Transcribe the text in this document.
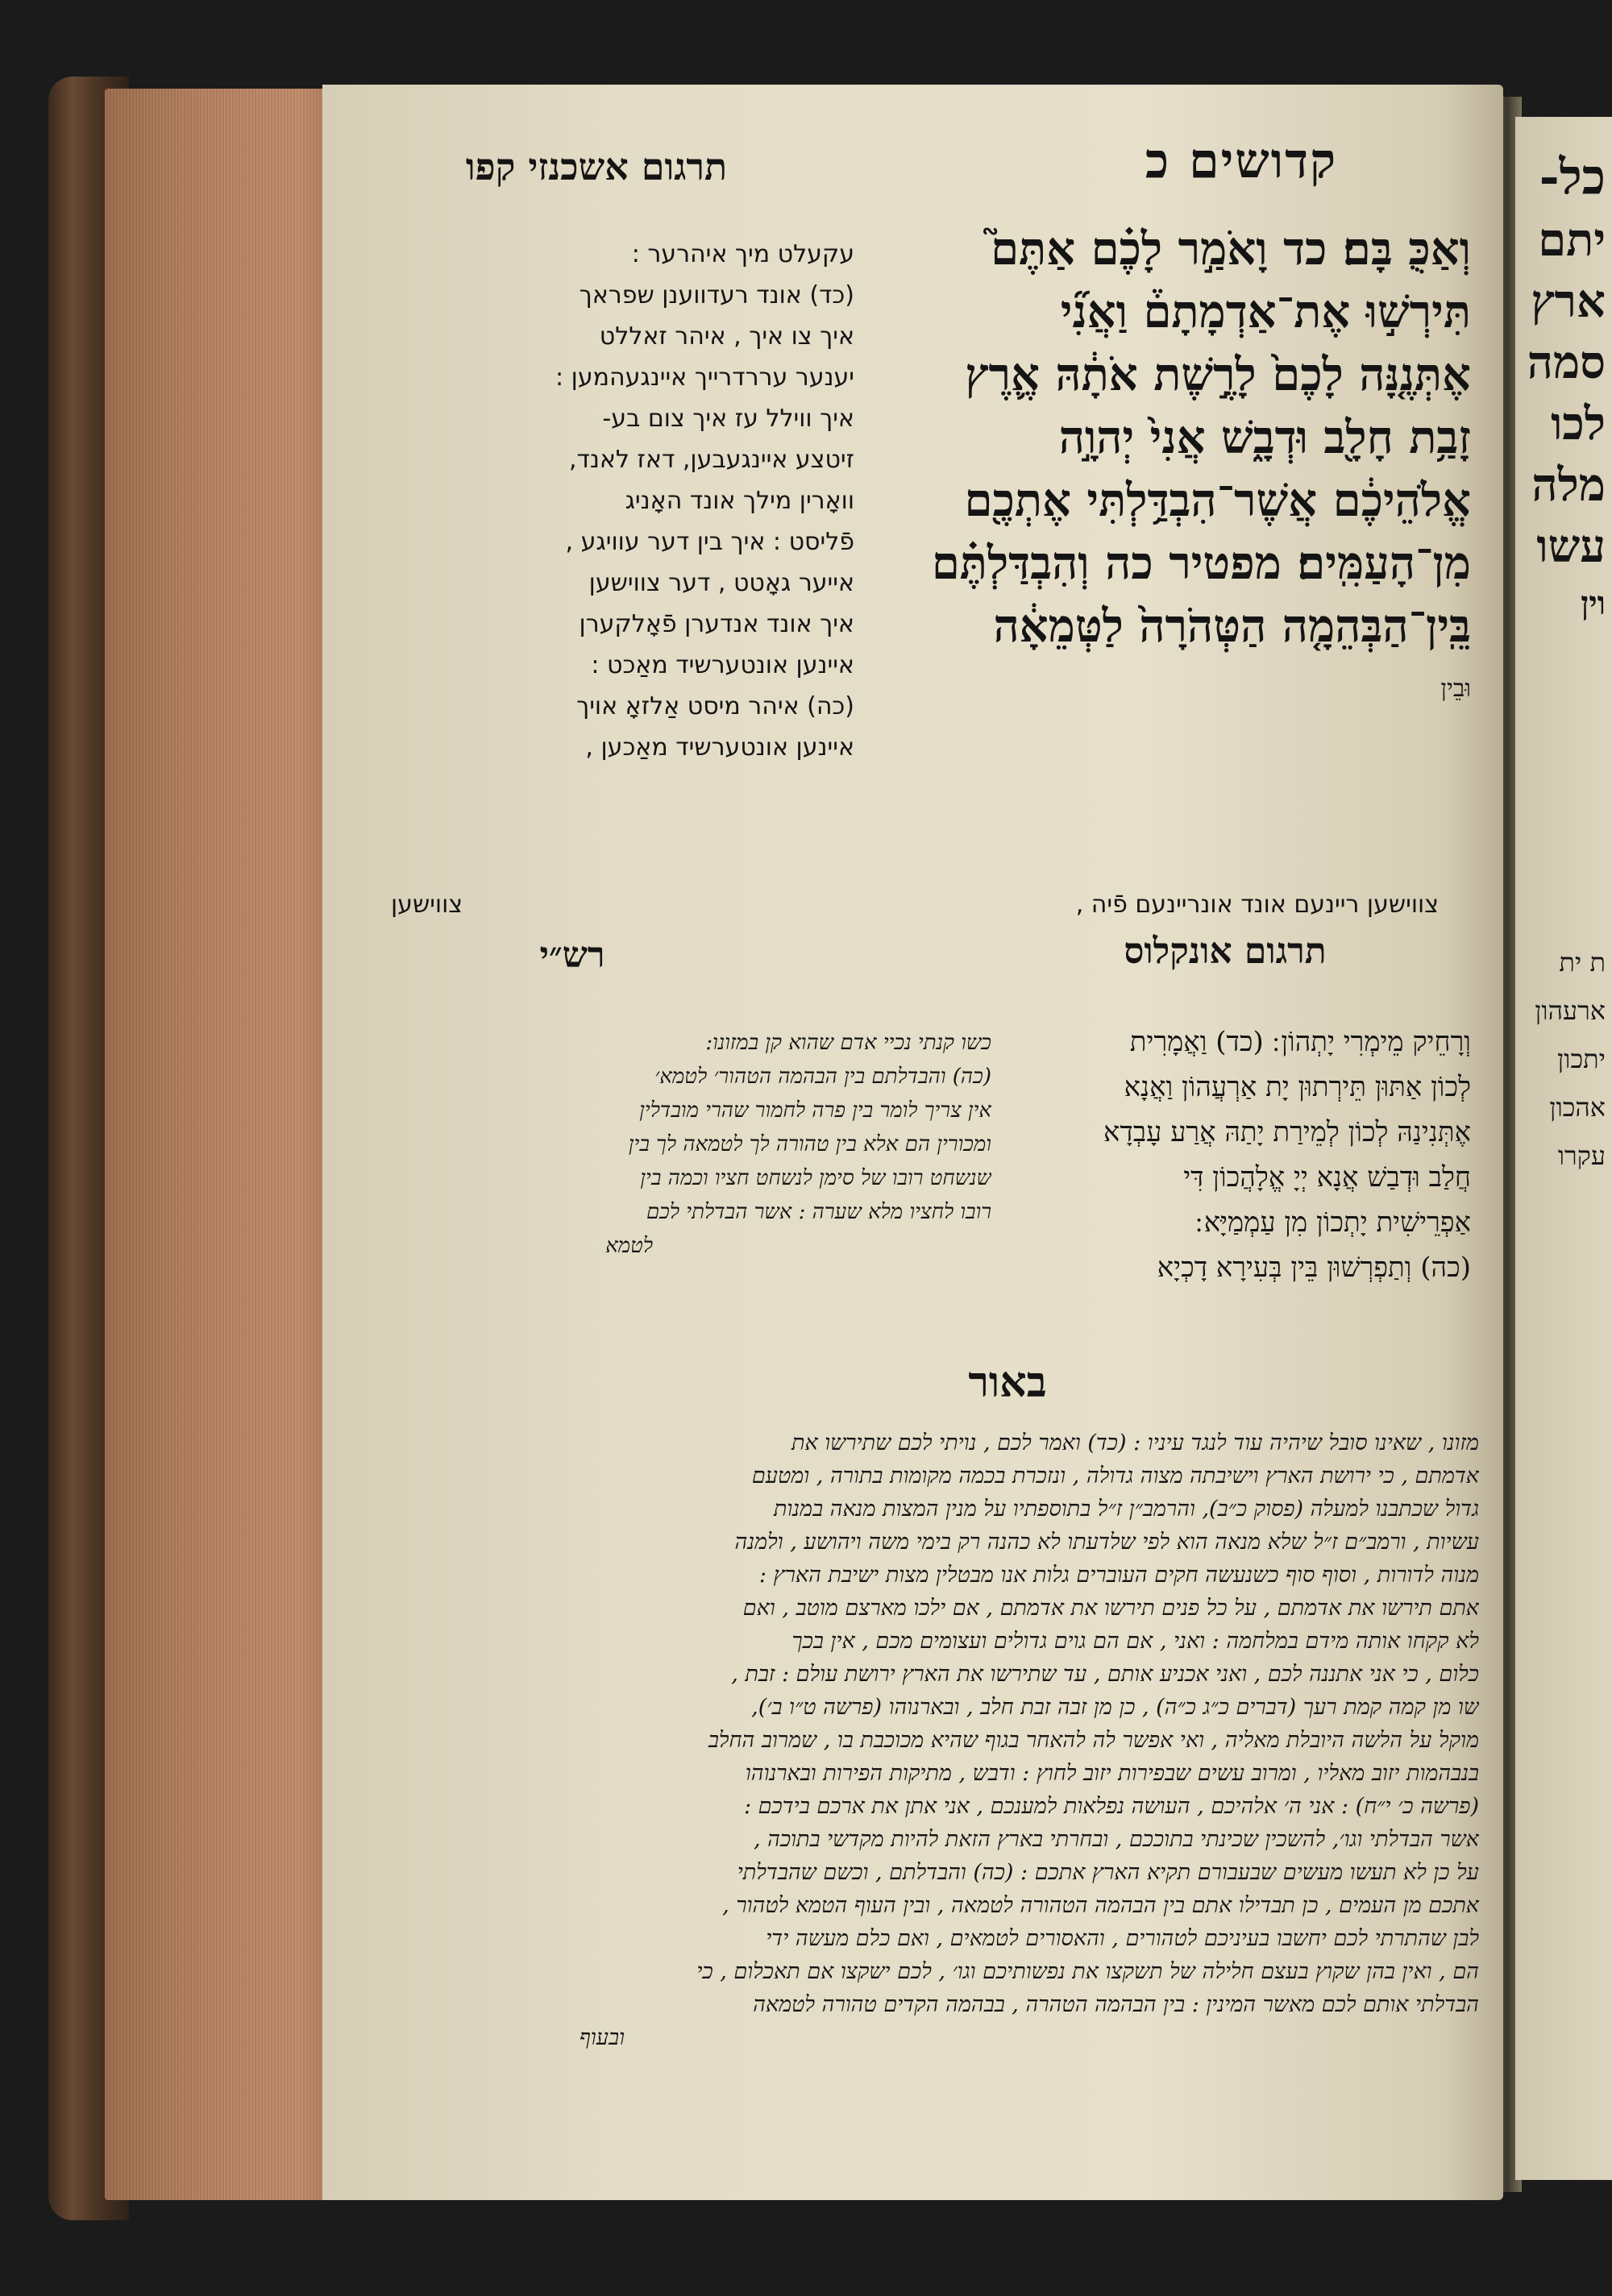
כל-
יתם
ארץ
סמה
לכו
מלה
עשו
וין
ת ית
ארעהון
יתכון
אהכון
עקרו
קדושים כ
תרגום אשכנזי קפו
וְאַכֻּ בָּם׃ כד וָאֹמַ֣ר לָכֶ֗ם אַתֶּם֮
תִּירְשׁ֣וּ אֶת־אַדְמָתָם֒ וַאֲנִ֞י
אֶתְּנֶ֤נָּה לָכֶם֙ לָרֶ֣שֶׁת אֹתָ֔הּ אֶ֛רֶץ
זָבַ֥ת חָלָ֖ב וּדְבָ֑שׁ אֲנִי֙ יְהוָ֣ה
אֱלֹהֵיכֶ֔ם אֲשֶׁר־הִבְדַּ֥לְתִּי אֶתְכֶ֖ם
מִן־הָעַמִּֽים׃ מפטיר כה וְהִבְדַּלְתֶּ֗ם
בֵּֽין־הַבְּהֵמָ֤ה הַטְּהֹרָה֙ לַטְּמֵאָ֔ה
וּבֵין
עקעלט מיך איהרער :
(כד) אונד רעדווענן שפראך
איך צו איך , איהר זאללט
יענער עררדרייך איינגעהמען :
איך ווילל עז איך צום בע-
זיטצע איינגעבען, דאז לאנד,
וואָרין מילך אונד האָניג
פֿליסט : איך בין דער עוויגע ,
אייער גאָטט , דער צווישען
איך אונד אנדערן פֿאָלקערן
איינען אונטערשיד מאַכט :
(כה) איהר מיסט אַלזאָ אויך
איינען אונטערשיד מאַכען ,
צווישען ריינעם אונד אונריינעם פֿיה ,
צווישען
תרגום אונקלוס
רש״י
וְרָחֵיק מֵימְרִי יָתְהוֹן ׃ (כד) וַאֲמָרִית
לְכוֹן אַתּוּן תֵּירְתוּן יָת אַרְעֲהוֹן וַאֲנָא
אֶתְּנִינַהּ לְכוֹן לְמֵירַת יָתַהּ אֲרַע עָבְדָא
חֲלַב וּדְבַשׁ אֲנָא יְיָ אֱלָהֲכוֹן דִּי
אַפְרֵישִׁית יָתְכוֹן מִן עַמְמַיָּא ׃
(כה) וְתַפְרְשׁוּן בֵּין בְּעִירָא דָכְיָא
כשו קנתי נכיי אדם שהוא קן במזונו:
(כה) והבדלתם בין הבהמה הטהור׳ לטמא׳
אין צריך לומר בין פרה לחמור שהרי מובדלין
ומכורין הם אלא בין טהורה לך לטמאה לך בין
שנשחט רובו של סימן לנשחט חציו וכמה בין
רובו לחציו מלא שערה : אשר הבדלתי לכם
לטמא
באור
מזונו , שאינו סובל שיהיה עוד לנגד עיניו : (כד) ואמר לכם , נויתי לכם שתירשו את
אדמתם , כי ירושת הארץ וישיבתה מצוה גדולה , ונזכרת בכמה מקומות בתורה , ומטעם
גדול שכתבנו למעלה (פסוק כ״ב), והרמב״ן ז״ל בתוספתיו על מנין המצות מנאה במנות
עשיות , ורמב״ם ז״ל שלא מנאה הוא לפי שלדעתו לא כהנה רק בימי משה ויהושע , ולמנה
מנוה לדורות , וסוף סוף כשנעשה חקים העוברים גלות אנו מבטלין מצות ישיבת הארץ :
אתם תירשו את אדמתם , על כל פנים תירשו את אדמתם , אם ילכו מארצם מוטב , ואם
לא קקחו אותה מידם במלחמה : ואני , אם הם גוים גדולים ועצומים מכם , אין בכך
כלום , כי אני אתננה לכם , ואני אכניע אותם , עד שתירשו את הארץ ירושת עולם : זבת ,
שו מן קמה קמת רעך (דברים כ״ג כ״ה) , כן מן זבה זבת חלב , ובארנוהו (פרשה ט״ו ב׳),
מוקל על הלשה היובלת מאליה , ואי אפשר לה להאחר בגוף שהיא מכוכבת בו , שמרוב החלב
בנבהמות יזוב מאליו , ומרוב עשים שבפירות יזוב לחוץ : ודבש , מתיקות הפירות ובארנוהו
(פרשה כ׳ י״ח) : אני ה׳ אלהיכם , העושה נפלאות למענכם , אני אתן את ארכם בידכם :
אשר הבדלתי וגו׳, להשכין שכינתי בתוככם , ובחרתי בארץ הזאת להיות מקדשי בתוכה ,
על כן לא תעשו מעשים שבעבורם תקיא הארץ אתכם : (כה) והבדלתם , וכשם שהבדלתי
אתכם מן העמים , כן תבדילו אתם בין הבהמה הטהורה לטמאה , ובין העוף הטמא לטהור ,
לבן שהתרתי לכם יחשבו בעיניכם לטהורים , והאסורים לטמאים , ואם כלם מעשה ידי
הם , ואין בהן שקוץ בעצם חלילה של תשקצו את נפשותיכם וגו׳ , לכם ישקצו אם תאכלום , כי
הבדלתי אותם לכם מאשר המינין : בין הבהמה הטהרה , בבהמה הקדים טהורה לטמאה
ובעוף
